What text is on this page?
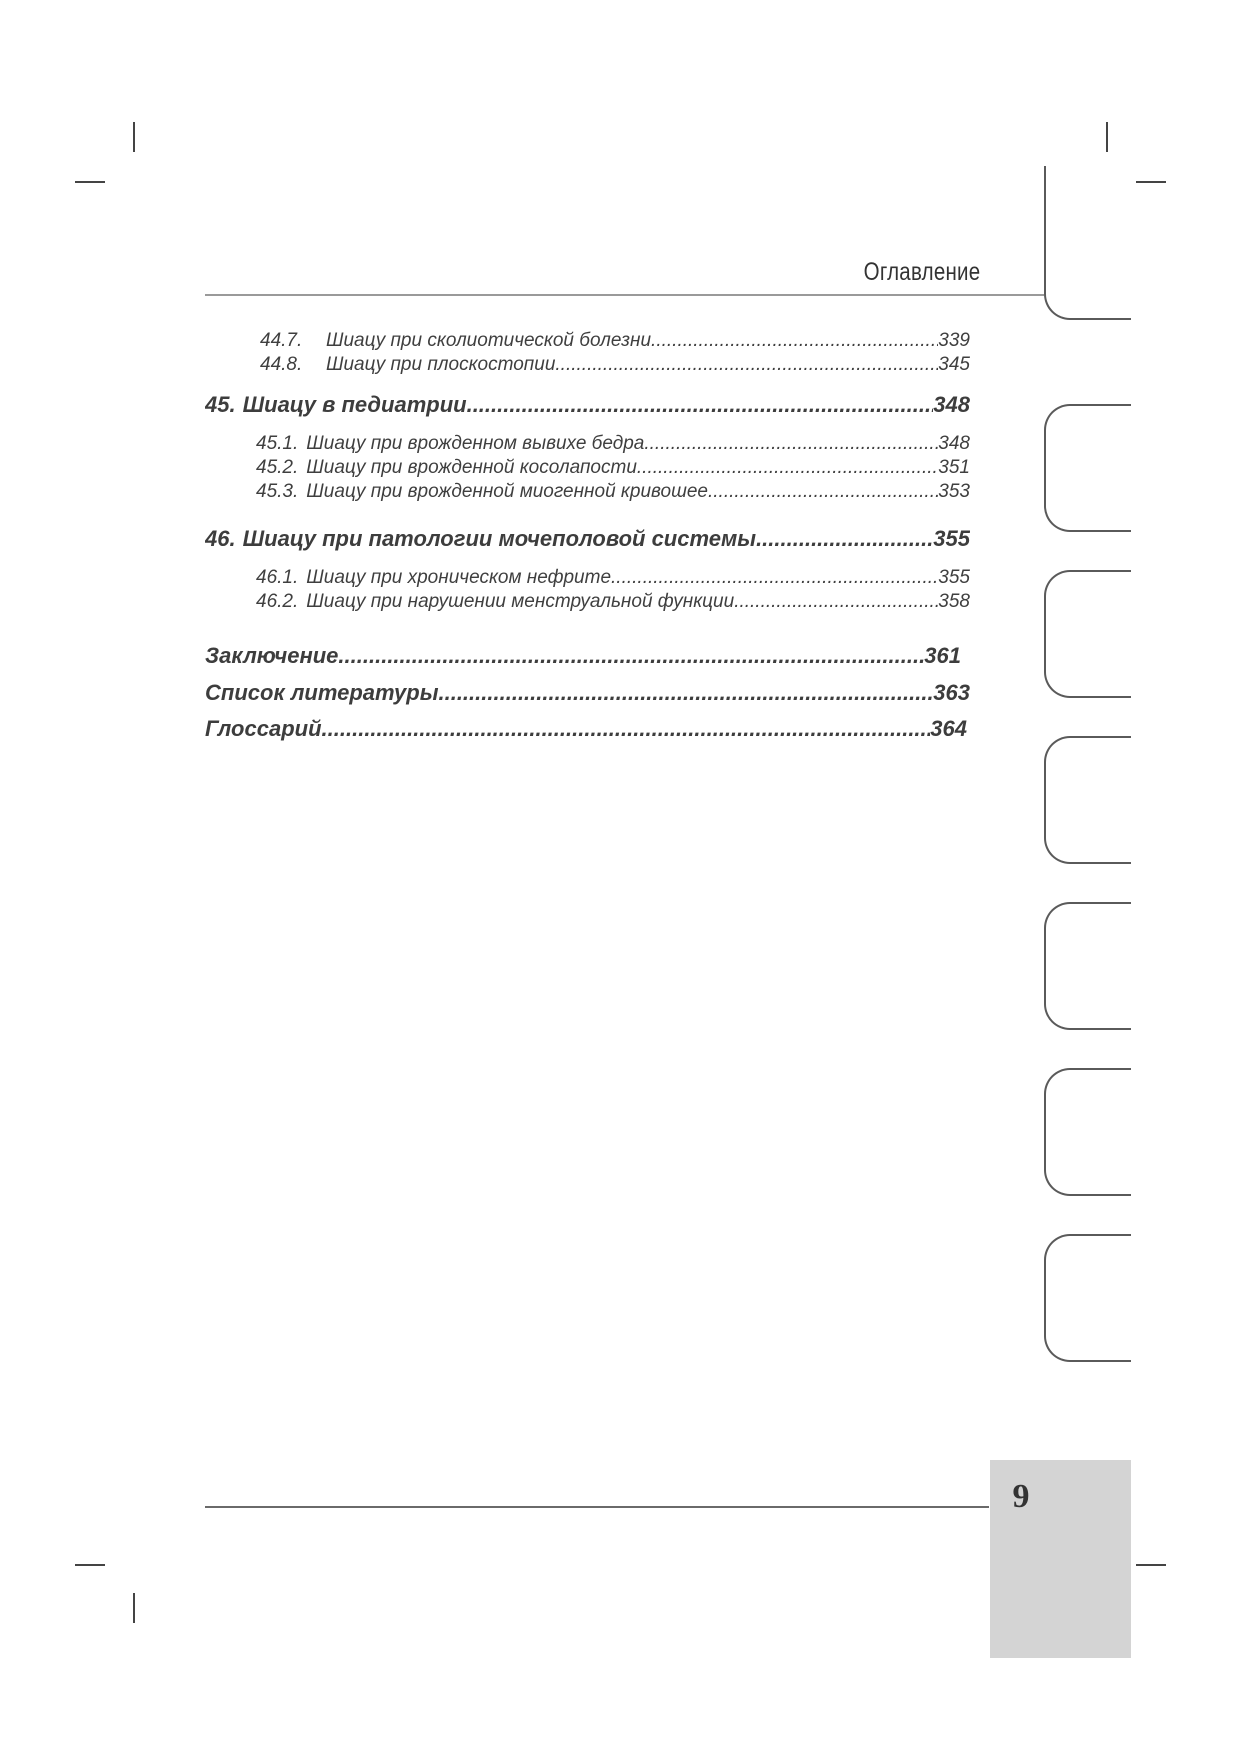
Оглавление
44.7.	Шиацу при сколиотической болезни .....	339
44.8.	Шиацу при плоскостопии .....	345
45. Шиацу в педиатрии .....	348
45.1. Шиацу при врожденном вывихе бедра .....	348
45.2. Шиацу при врожденной косолапости .....	351
45.3. Шиацу при врожденной миогенной кривошее .....	353
46. Шиацу при патологии мочеполовой системы .....	355
46.1. Шиацу при хроническом нефрите .....	355
46.2. Шиацу при нарушении менструальной функции .....	358
Заключение .....	361
Список литературы .....	363
Глоссарий .....	364
9
